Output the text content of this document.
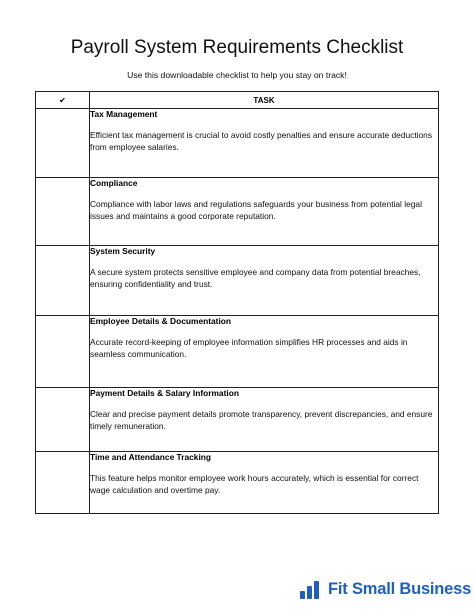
Payroll System Requirements Checklist
Use this downloadable checklist to help you stay on track!
✔	TASK

	Tax Management
Efficient tax management is crucial to avoid costly penalties and ensure accurate deductions from employee salaries.

	Compliance
Compliance with labor laws and regulations safeguards your business from potential legal issues and maintains a good corporate reputation.

	System Security
A secure system protects sensitive employee and company data from potential breaches, ensuring confidentiality and trust.

	Employee Details & Documentation
Accurate record-keeping of employee information simplifies HR processes and aids in seamless communication.

	Payment Details & Salary Information
Clear and precise payment details promote transparency, prevent discrepancies, and ensure timely remuneration.

	Time and Attendance Tracking
This feature helps monitor employee work hours accurately, which is essential for correct wage calculation and overtime pay.
Fit Small Business
